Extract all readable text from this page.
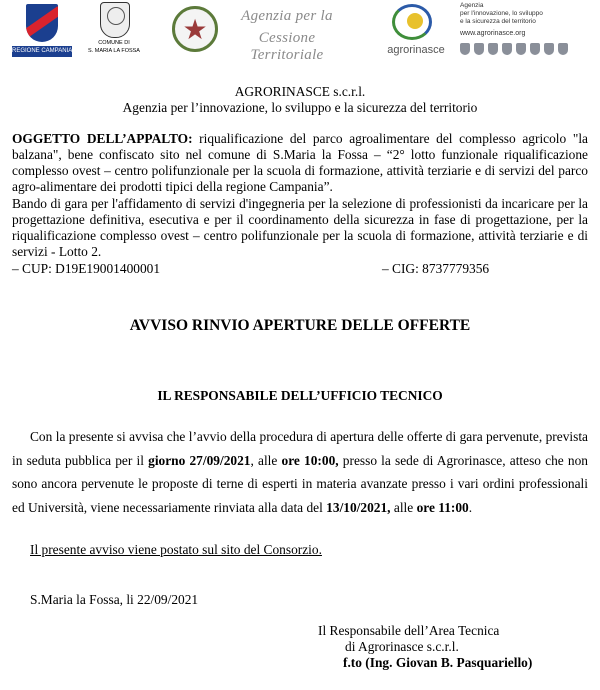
REGIONE CAMPANIA
COMUNE DI
S. MARIA LA FOSSA
★
Agenzia per la
Cessione Territoriale	agrorinasce
Agenzia
per l'innovazione, lo sviluppo
e la sicurezza del territorio
www.agrorinasce.org
AGRORINASCE s.c.r.l.
Agenzia per l’innovazione, lo sviluppo e la sicurezza del territorio
OGGETTO DELL’APPALTO: riqualificazione del parco agroalimentare del complesso agricolo "la balzana", bene confiscato sito nel comune di S.Maria la Fossa – “2° lotto funzionale riqualificazione complesso ovest – centro polifunzionale per la scuola di formazione, attività terziarie e di servizi del parco agro-alimentare dei prodotti tipici della regione Campania”.
Bando di gara per l'affidamento di servizi d'ingegneria per la selezione di professionisti da incaricare per la progettazione definitiva, esecutiva e per il coordinamento della sicurezza in fase di progettazione, per la riqualificazione complesso ovest – centro polifunzionale per la scuola di formazione, attività terziarie e di servizi - Lotto 2.
– CUP: D19E19001400001	– CIG: 8737779356
AVVISO RINVIO APERTURE DELLE OFFERTE
IL RESPONSABILE DELL’UFFICIO TECNICO
Con la presente si avvisa che l’avvio della procedura di apertura delle offerte di gara pervenute, prevista in seduta pubblica per il giorno 27/09/2021, alle ore 10:00, presso la sede di Agrorinasce, atteso che non sono ancora pervenute le proposte di terne di esperti in materia avanzate presso i vari ordini professionali ed Università, viene necessariamente rinviata alla data del 13/10/2021, alle ore 11:00.
Il presente avviso viene postato sul sito del Consorzio.
S.Maria la Fossa, li 22/09/2021
Il Responsabile dell’Area Tecnica
di Agrorinasce s.c.r.l.
f.to (Ing. Giovan B. Pasquariello)
